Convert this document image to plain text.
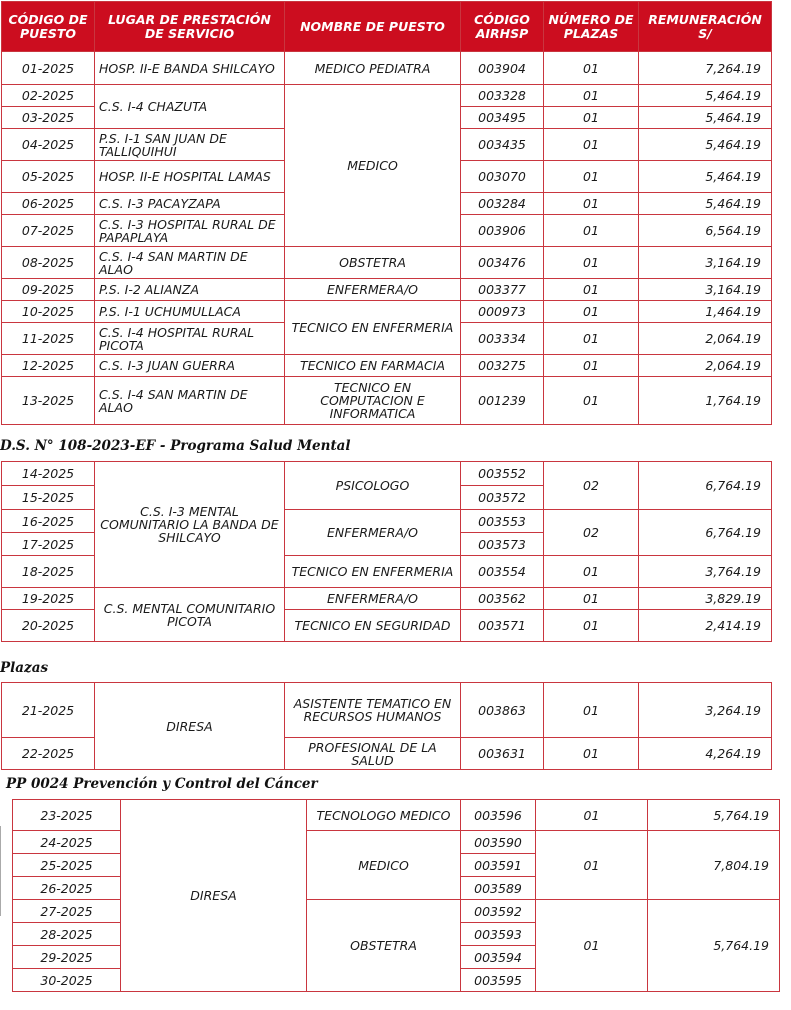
CÓDIGO DE PUESTO	LUGAR DE PRESTACIÓN DE SERVICIO	NOMBRE DE PUESTO	CÓDIGO AIRHSP	NÚMERO DE PLAZAS	REMUNERACIÓN S/
01-2025	HOSP. II-E BANDA SHILCAYO	MEDICO PEDIATRA	003904	01	7,264.19
02-2025	C.S. I-4 CHAZUTA	MEDICO	003328	01	5,464.19
03-2025			003495	01	5,464.19
04-2025	P.S. I-1 SAN JUAN DE TALLIQUIHUI		003435	01	5,464.19
05-2025	HOSP. II-E HOSPITAL LAMAS		003070	01	5,464.19
06-2025	C.S. I-3 PACAYZAPA		003284	01	5,464.19
07-2025	C.S. I-3 HOSPITAL RURAL DE PAPAPLAYA		003906	01	6,564.19
08-2025	C.S. I-4 SAN MARTIN DE ALAO	OBSTETRA	003476	01	3,164.19
09-2025	P.S. I-2 ALIANZA	ENFERMERA/O	003377	01	3,164.19
10-2025	P.S. I-1 UCHUMULLACA	TECNICO EN ENFERMERIA	000973	01	1,464.19
11-2025	C.S. I-4 HOSPITAL RURAL PICOTA		003334	01	2,064.19
12-2025	C.S. I-3 JUAN GUERRA	TECNICO EN FARMACIA	003275	01	2,064.19
13-2025	C.S. I-4 SAN MARTIN DE ALAO	TECNICO EN COMPUTACION E INFORMATICA	001239	01	1,764.19
D.S. N° 108-2023-EF - Programa Salud Mental
14-2025	C.S. I-3 MENTAL COMUNITARIO LA BANDA DE SHILCAYO	PSICOLOGO	003552	02	6,764.19
15-2025			003572		
16-2025		ENFERMERA/O	003553	02	6,764.19
17-2025			003573		
18-2025		TECNICO EN ENFERMERIA	003554	01	3,764.19
19-2025	C.S. MENTAL COMUNITARIO PICOTA	ENFERMERA/O	003562	01	3,829.19
20-2025		TECNICO EN SEGURIDAD	003571	01	2,414.19
Plazas
21-2025	DIRESA	ASISTENTE TEMATICO EN RECURSOS HUMANOS	003863	01	3,264.19
22-2025		PROFESIONAL DE LA SALUD	003631	01	4,264.19
PP 0024 Prevención y Control del Cáncer
23-2025	DIRESA	TECNOLOGO MEDICO	003596	01	5,764.19
24-2025		MEDICO	003590	01	7,804.19
25-2025			003591		
26-2025			003589		
27-2025		OBSTETRA	003592	01	5,764.19
28-2025			003593		
29-2025			003594		
30-2025			003595		
